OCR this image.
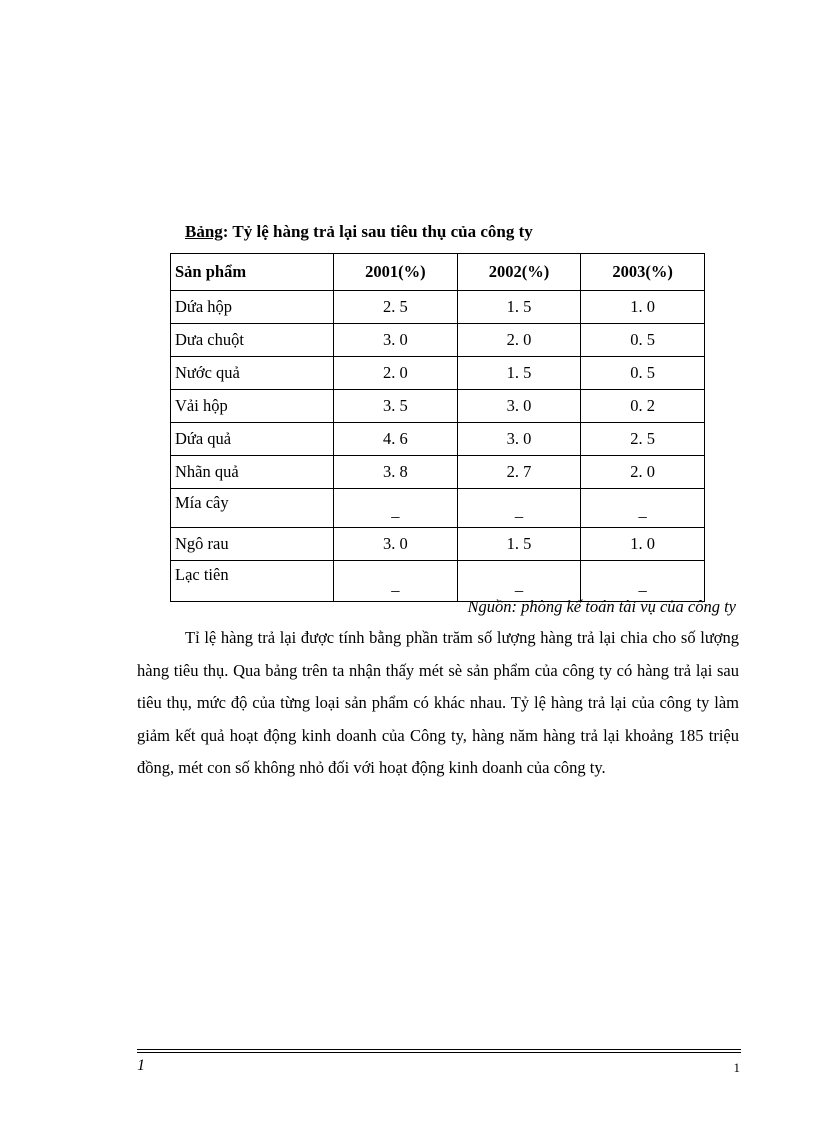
Bảng: Tỷ lệ hàng trả lại sau tiêu thụ của công ty
Sản phẩm	2001(%)	2002(%)	2003(%)
Dứa hộp	2. 5	1. 5	1. 0
Dưa chuột	3. 0	2. 0	0. 5
Nước quả	2. 0	1. 5	0. 5
Vải hộp	3. 5	3. 0	0. 2
Dứa quả	4. 6	3. 0	2. 5
Nhãn quả	3. 8	2. 7	2. 0
Mía cây	_	_	_
Ngô rau	3. 0	1. 5	1. 0
Lạc tiên	_	_	_
Nguồn: phòng kế toán tài vụ của công ty
Tỉ lệ hàng trả lại được tính bằng phần trăm số lượng hàng trả lại chia cho số lượng hàng tiêu thụ. Qua bảng trên ta nhận thấy mét sè sản phẩm của công ty có hàng trả lại sau tiêu thụ, mức độ của từng loại sản phẩm có khác nhau. Tỷ lệ hàng trả lại của công ty làm giảm kết quả hoạt động kinh doanh của Công ty, hàng năm hàng trả lại khoảng 185 triệu đồng, mét con số không nhỏ đối với hoạt động kinh doanh của công ty.
1	1
